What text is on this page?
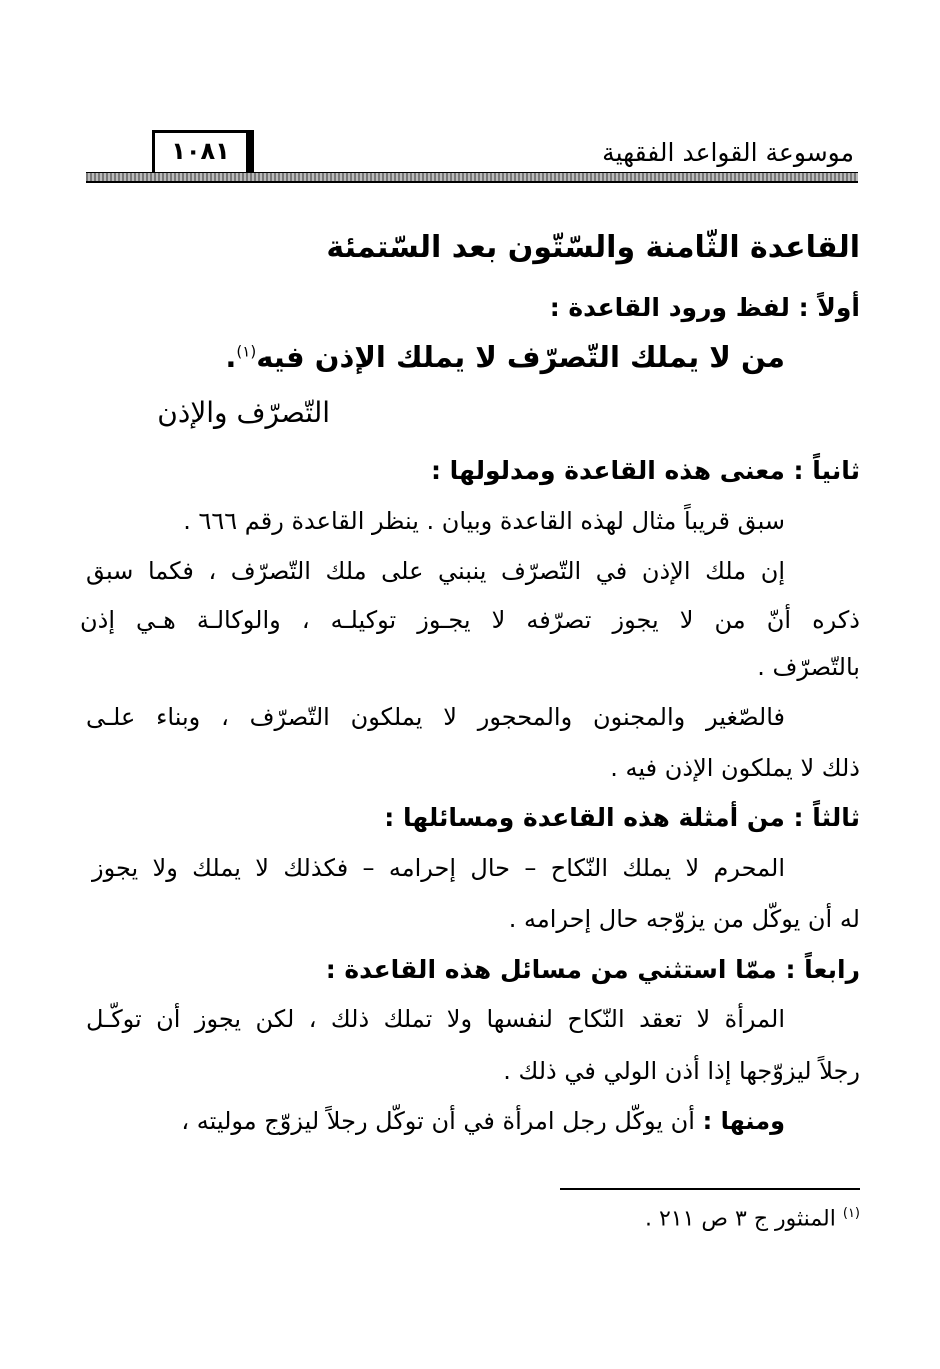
موسوعة القواعد الفقهية
١٠٨١
القاعدة الثّامنة والسّتّون بعد السّتمئة
أولاً : لفظ ورود القاعدة :
من لا يملك التّصرّف لا يملك الإذن فيه$^{(١)}$.
التّصرّف والإذن
ثانياً : معنى هذه القاعدة ومدلولها :
سبق قريباً مثال لهذه القاعدة وبيان . ينظر القاعدة رقم ٦٦٦ .
إن ملك الإذن في التّصرّف ينبني على ملك التّصرّف ، فكما سبق
ذكره أنّ من لا يجوز تصرّفه لا يجـوز توكيلـه ، والوكالـة هـي إذن
بالتّصرّف .
فالصّغير والمجنون والمحجور لا يملكون التّصرّف ، وبناء علـى
ذلك لا يملكون الإذن فيه .
ثالثاً : من أمثلة هذه القاعدة ومسائلها :
المحرم لا يملك النّكاح – حال إحرامه – فكذلك لا يملك ولا يجوز
له أن يوكّل من يزوّجه حال إحرامه .
رابعاً : ممّا استثني من مسائل هذه القاعدة :
المرأة لا تعقد النّكاح لنفسها ولا تملك ذلك ، لكن يجوز أن توكّـل
رجلاً ليزوّجها إذا أذن الولي في ذلك .
ومنها : أن يوكّل رجل امرأة في أن توكّل رجلاً ليزوّج موليته ،
$^{(١)}$ المنثور ج ٣ ص ٢١١ .
